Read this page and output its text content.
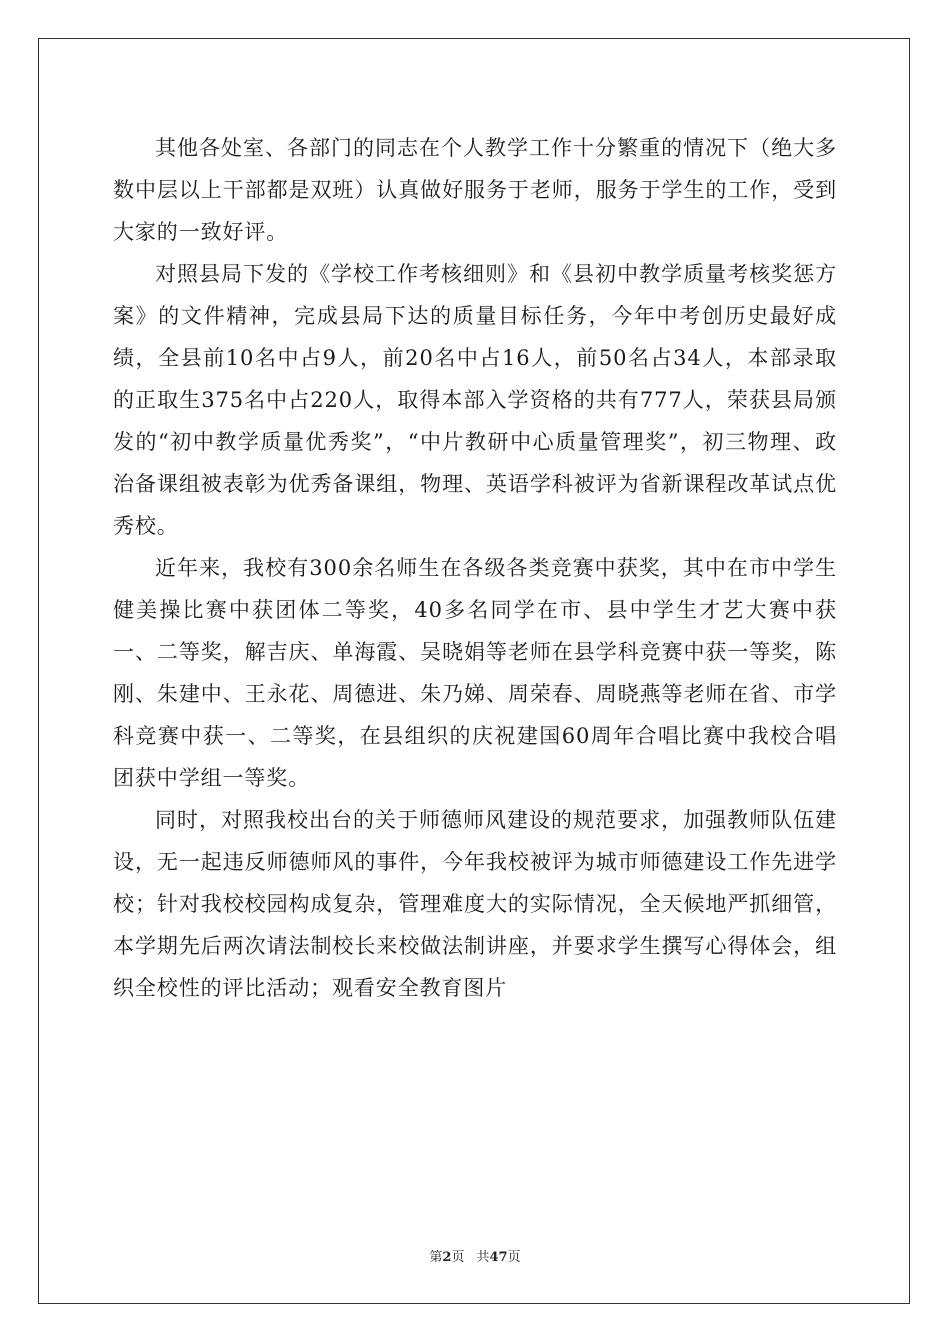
其他各处室、各部门的同志在个人教学工作十分繁重的情况下（绝大多数中层以上干部都是双班）认真做好服务于老师，服务于学生的工作，受到大家的一致好评。

对照县局下发的《学校工作考核细则》和《县初中教学质量考核奖惩方案》的文件精神，完成县局下达的质量目标任务，今年中考创历史最好成绩，全县前10名中占9人，前20名中占16人，前50名占34人，本部录取的正取生375名中占220人，取得本部入学资格的共有777人，荣获县局颁发的“初中教学质量优秀奖”，“中片教研中心质量管理奖”，初三物理、政治备课组被表彰为优秀备课组，物理、英语学科被评为省新课程改革试点优秀校。

近年来，我校有300余名师生在各级各类竞赛中获奖，其中在市中学生健美操比赛中获团体二等奖，40多名同学在市、县中学生才艺大赛中获一、二等奖，解吉庆、单海霞、吴晓娟等老师在县学科竞赛中获一等奖，陈刚、朱建中、王永花、周德进、朱乃娣、周荣春、周晓燕等老师在省、市学科竞赛中获一、二等奖，在县组织的庆祝建国60周年合唱比赛中我校合唱团获中学组一等奖。

同时，对照我校出台的关于师德师风建设的规范要求，加强教师队伍建设，无一起违反师德师风的事件，今年我校被评为城市师德建设工作先进学校；针对我校校园构成复杂，管理难度大的实际情况，全天候地严抓细管，本学期先后两次请法制校长来校做法制讲座，并要求学生撰写心得体会，组织全校性的评比活动；观看安全教育图片

第2页 共47页
